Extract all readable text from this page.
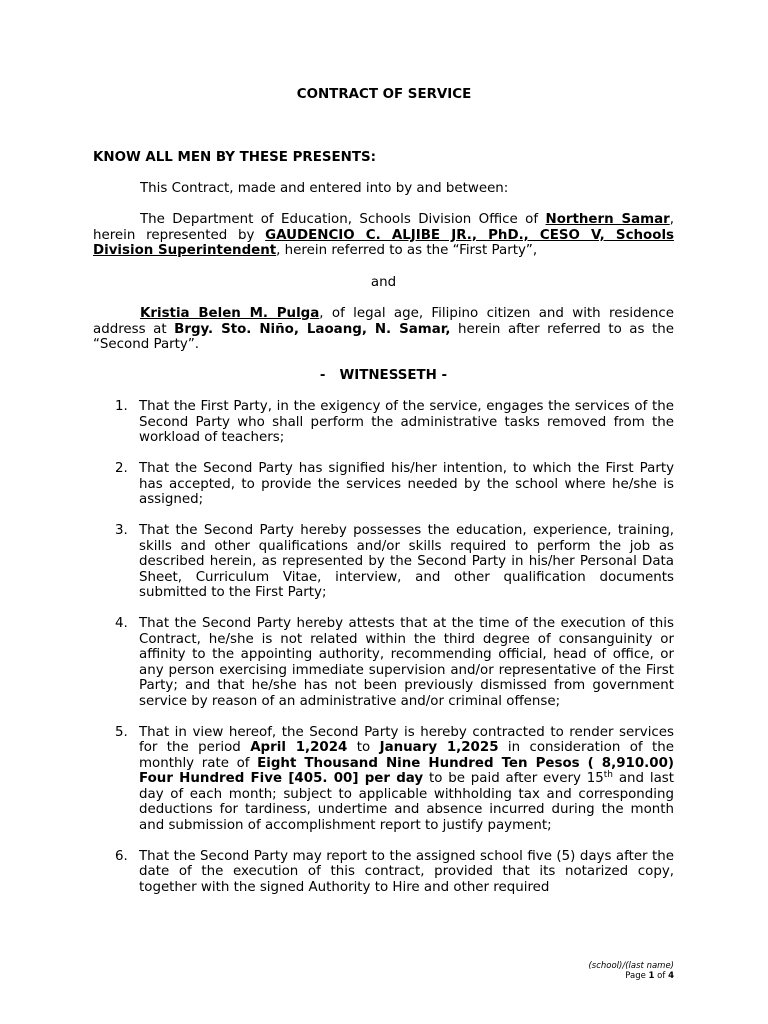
CONTRACT OF SERVICE
KNOW ALL MEN BY THESE PRESENTS:

This Contract, made and entered into by and between:

The Department of Education, Schools Division Office of Northern Samar, herein represented by GAUDENCIO C. ALJIBE JR., PhD., CESO V, Schools Division Superintendent, herein referred to as the “First Party”,

and

Kristia Belen M. Pulga, of legal age, Filipino citizen and with residence address at Brgy. Sto. Niño, Laoang, N. Samar, herein after referred to as the “Second Party”.

-   WITNESSETH -

1. That the First Party, in the exigency of the service, engages the services of the Second Party who shall perform the administrative tasks removed from the workload of teachers;
2. That the Second Party has signified his/her intention, to which the First Party has accepted, to provide the services needed by the school where he/she is assigned;
3. That the Second Party hereby possesses the education, experience, training, skills and other qualifications and/or skills required to perform the job as described herein, as represented by the Second Party in his/her Personal Data Sheet, Curriculum Vitae, interview, and other qualification documents submitted to the First Party;
4. That the Second Party hereby attests that at the time of the execution of this Contract, he/she is not related within the third degree of consanguinity or affinity to the appointing authority, recommending official, head of office, or any person exercising immediate supervision and/or representative of the First Party; and that he/she has not been previously dismissed from government service by reason of an administrative and/or criminal offense;
5. That in view hereof, the Second Party is hereby contracted to render services for the period April 1,2024 to January 1,2025 in consideration of the monthly rate of Eight Thousand Nine Hundred Ten Pesos ( 8,910.00) Four Hundred Five [405. 00] per day to be paid after every 15th and last day of each month; subject to applicable withholding tax and corresponding deductions for tardiness, undertime and absence incurred during the month and submission of accomplishment report to justify payment;
6. That the Second Party may report to the assigned school five (5) days after the date of the execution of this contract, provided that its notarized copy, together with the signed Authority to Hire and other required
(school)/(last name)
Page 1 of 4
